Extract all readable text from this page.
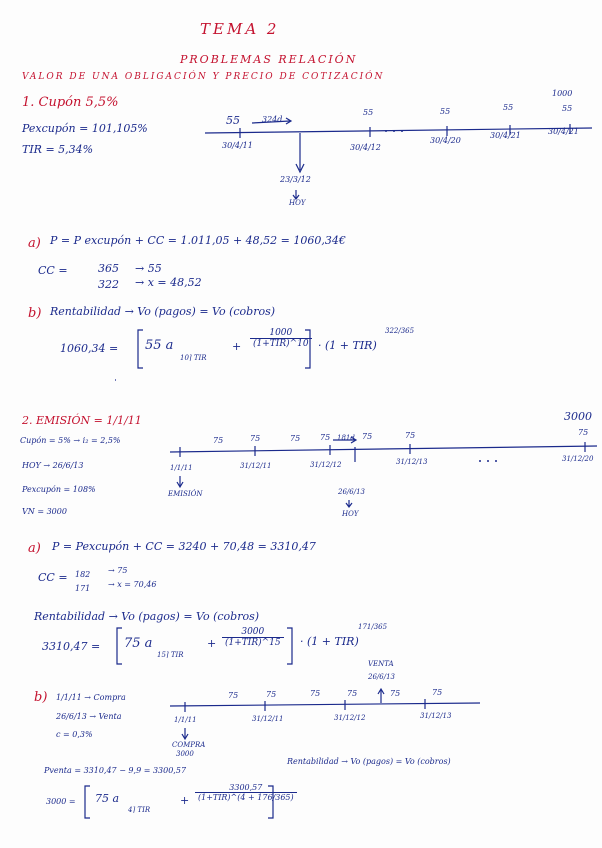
TEMA 2
PROBLEMAS RELACIÓN
VALOR DE UNA OBLIGACIÓN Y PRECIO DE COTIZACIÓN
1. Cupón 5,5%
Pexcupón = 101,105%
TIR = 5,34%
55	324d
55	55	55	55
1000
30/4/11	30/4/12
30/4/20
30/4/21	30/4/21
23/3/12
HOY
a) P = P excupón + CC = 1.011,05 + 48,52 = 1060,34€
CC =	365 → 55
322 → x = 48,52
b) Rentabilidad → Vo (pagos) = Vo (cobros)
1060,34 = 55 a
10⌉ TIR
+
1000
(1+TIR)^10 · (1 + TIR)
322/365
2. EMISIÓN = 1/1/11
Cupón = 5% → i₂ = 2,5%
HOY → 26/6/13
Pexcupón = 108%
VN = 3000
3000
75	75	75 75 181d 75	75	75
1/1/11	31/12/11	31/12/12	31/12/13	31/12/20
EMISIÓN	26/6/13
HOY
a) P = Pexcupón + CC = 3240 + 70,48 = 3310,47
CC = 182 → 75
171 → x = 70,46
Rentabilidad → Vo (pagos) = Vo (cobros)
3310,47 = 75 a
15⌉ TIR
+
3000
(1+TIR)^15 · (1 + TIR)
171/365
b) 1/1/11 → Compra
26/6/13 → Venta
c = 0,3%
75	75	75	75	75	75
VENTA
26/6/13
1/1/11	31/12/11	31/12/12	31/12/13
COMPRA
3000
Pventa = 3310,47 − 9,9 = 3300,57
Rentabilidad → Vo (pagos) = Vo (cobros)
3000 = 75 a
4⌉ TIR
+
3300,57
(1+TIR)^(4 + 176/365)
